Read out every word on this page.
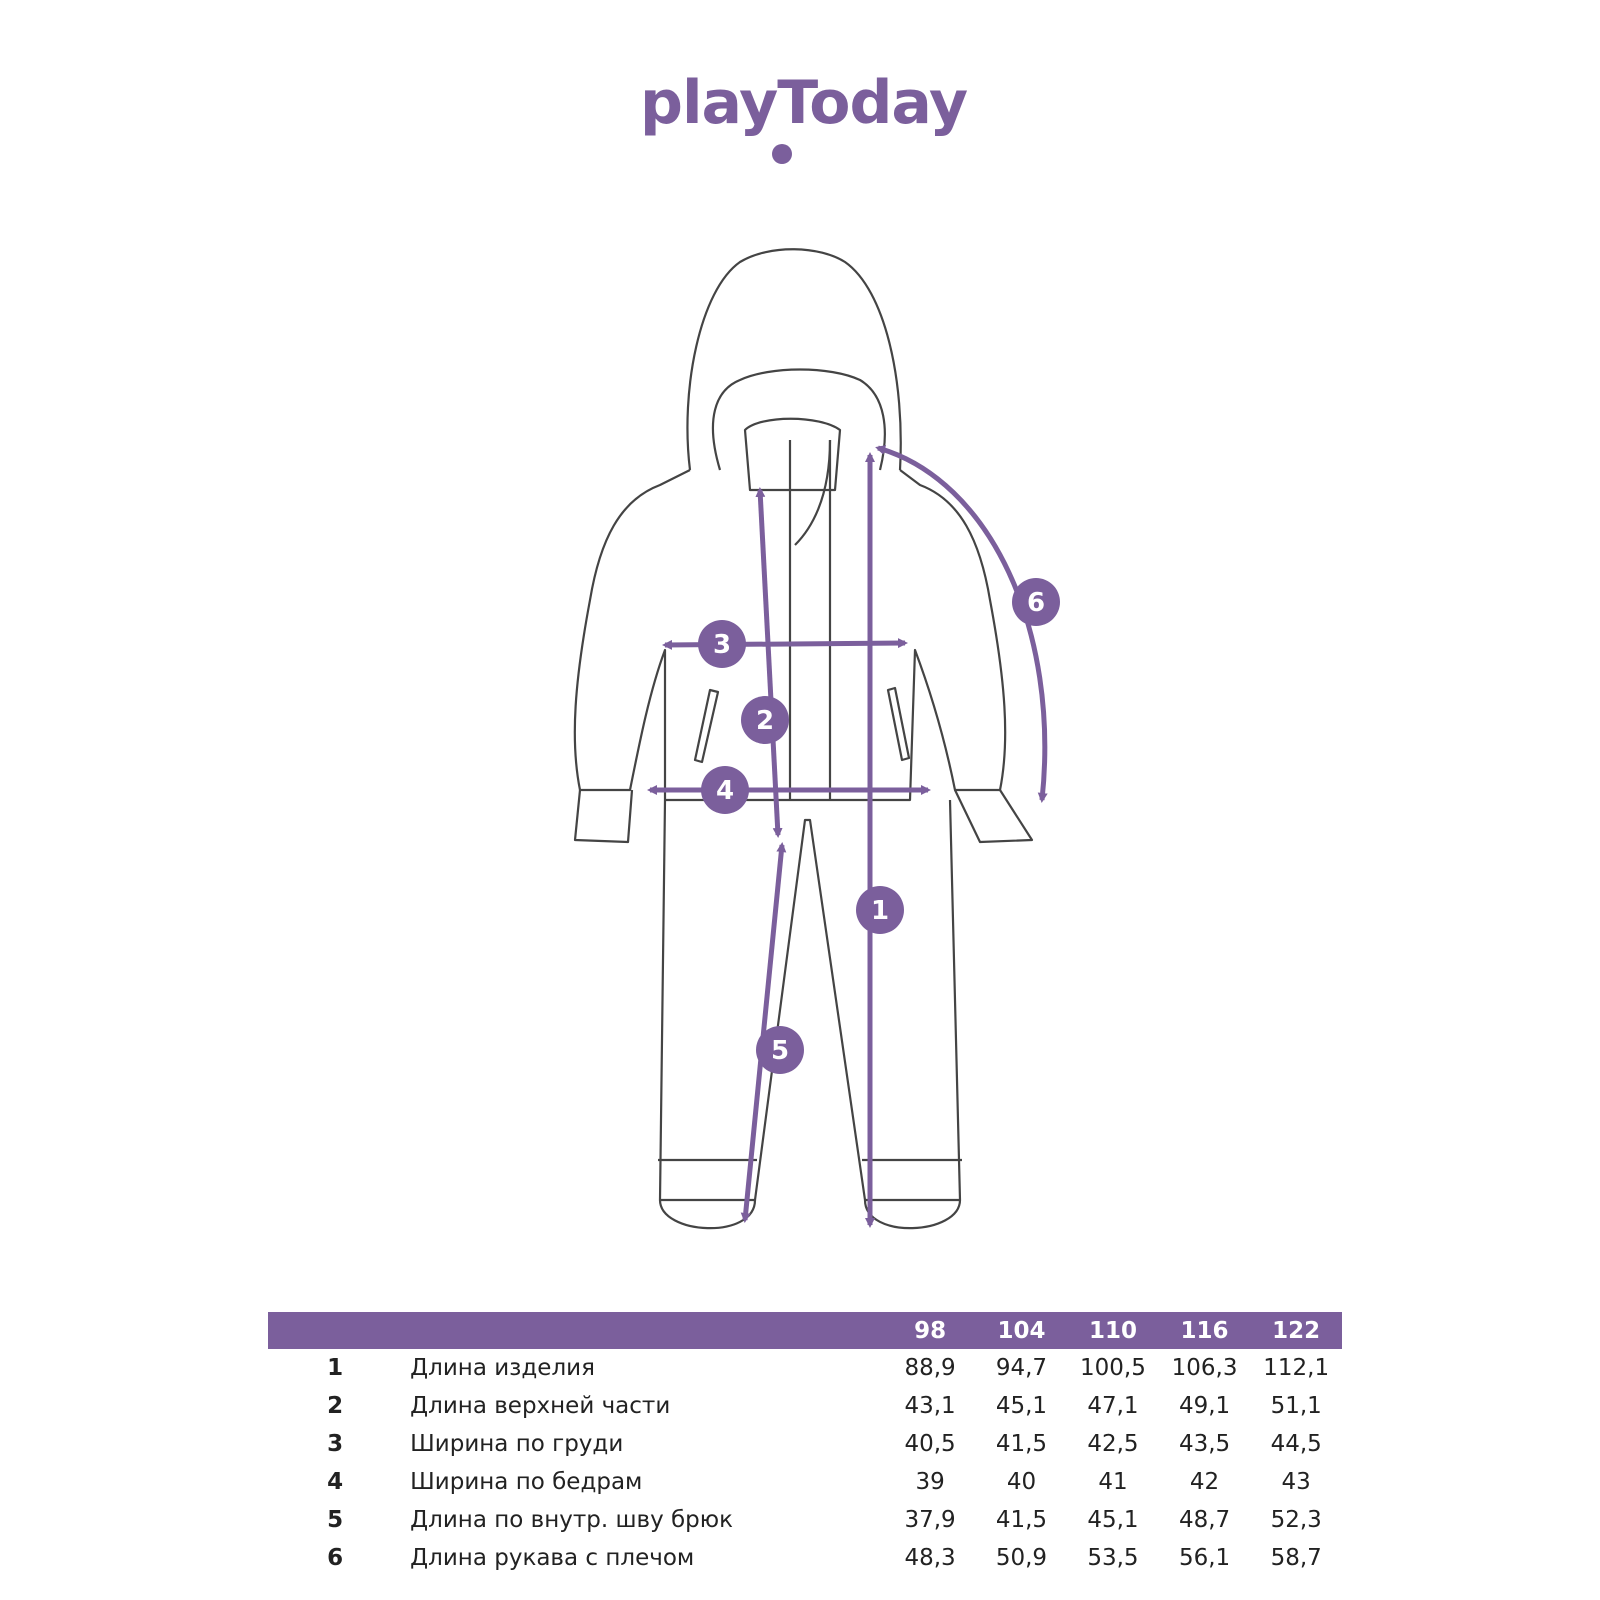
playToday
1
2
3
4
5
6
		98	104	110	116	122
1	Длина изделия	88,9	94,7	100,5	106,3	112,1
2	Длина верхней части	43,1	45,1	47,1	49,1	51,1
3	Ширина по груди	40,5	41,5	42,5	43,5	44,5
4	Ширина по бедрам	39	40	41	42	43
5	Длина по внутр. шву брюк	37,9	41,5	45,1	48,7	52,3
6	Длина рукава с плечом	48,3	50,9	53,5	56,1	58,7
